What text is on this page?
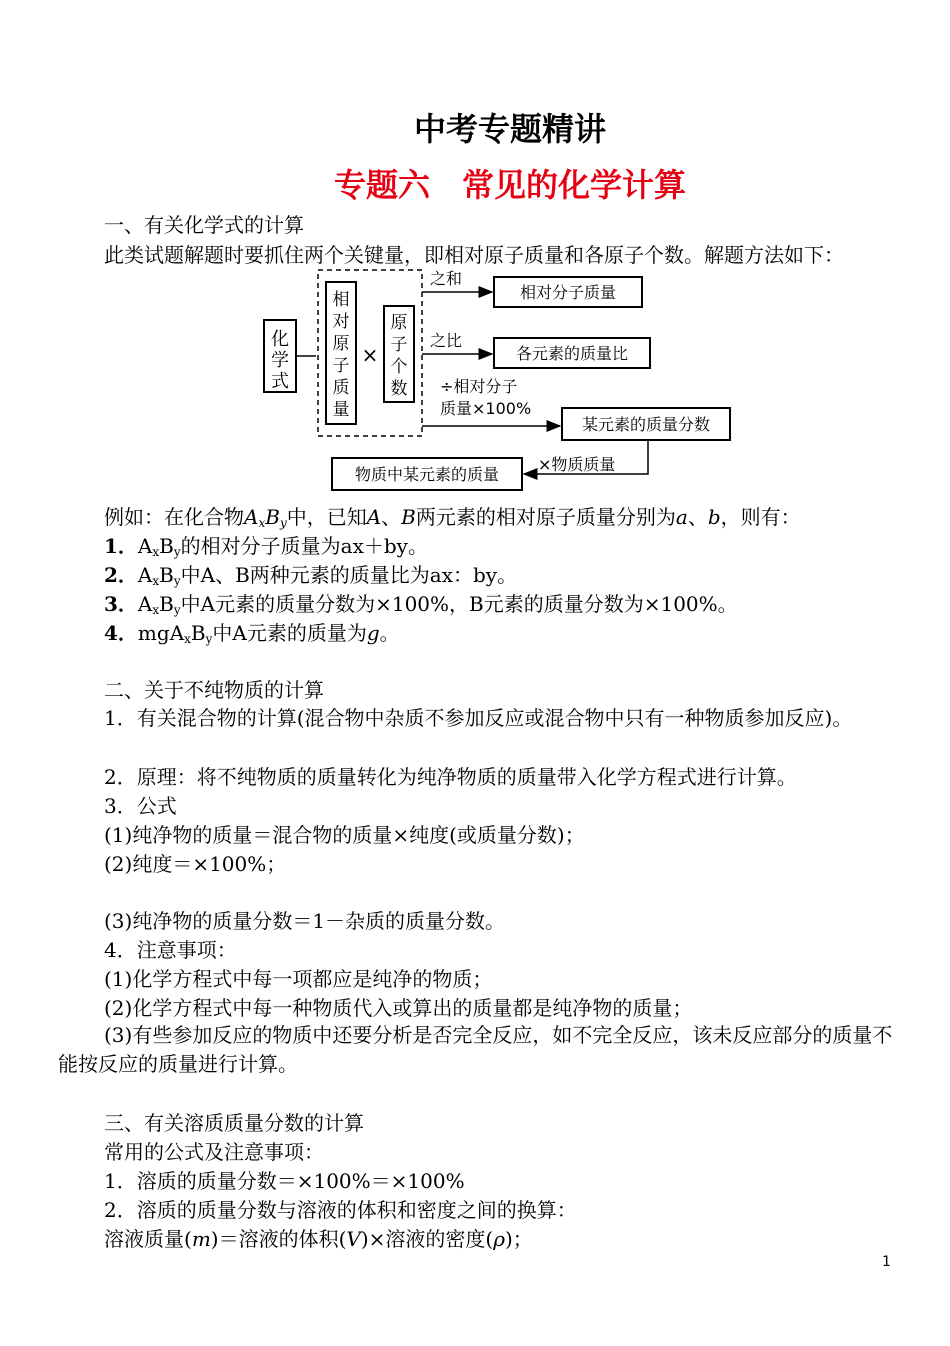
中考专题精讲
专题六　常见的化学计算
一、有关化学式的计算
此类试题解题时要抓住两个关键量，即相对原子质量和各原子个数。解题方法如下：
化
学
式
相
对
原
子
质
量
×
原
子
个
数
之和
相对分子质量
之比
各元素的质量比
÷相对分子
质量×100%
某元素的质量分数
×物质质量
物质中某元素的质量
例如：在化合物$A_xB_y$中，已知A、B两元素的相对原子质量分别为a、b，则有：
1．$A_xB_y$的相对分子质量为ax＋by。
2．$A_xB_y$中A、B两种元素的质量比为ax：by。
3．$A_xB_y$中A元素的质量分数为×100%，B元素的质量分数为×100%。
4．$mgA_xB_y$中A元素的质量为g。
二、关于不纯物质的计算
1．有关混合物的计算(混合物中杂质不参加反应或混合物中只有一种物质参加反应)。
2．原理：将不纯物质的质量转化为纯净物质的质量带入化学方程式进行计算。
3．公式
(1)纯净物的质量＝混合物的质量×纯度(或质量分数)；
(2)纯度＝×100%；
(3)纯净物的质量分数＝1－杂质的质量分数。
4．注意事项：
(1)化学方程式中每一项都应是纯净的物质；
(2)化学方程式中每一种物质代入或算出的质量都是纯净物的质量；
(3)有些参加反应的物质中还要分析是否完全反应，如不完全反应，该未反应部分的质量不能按反应的质量进行计算。
三、有关溶质质量分数的计算
常用的公式及注意事项：
1．溶质的质量分数＝×100%＝×100%
2．溶质的质量分数与溶液的体积和密度之间的换算：
溶液质量(m)＝溶液的体积(V)×溶液的密度(ρ)；
1
